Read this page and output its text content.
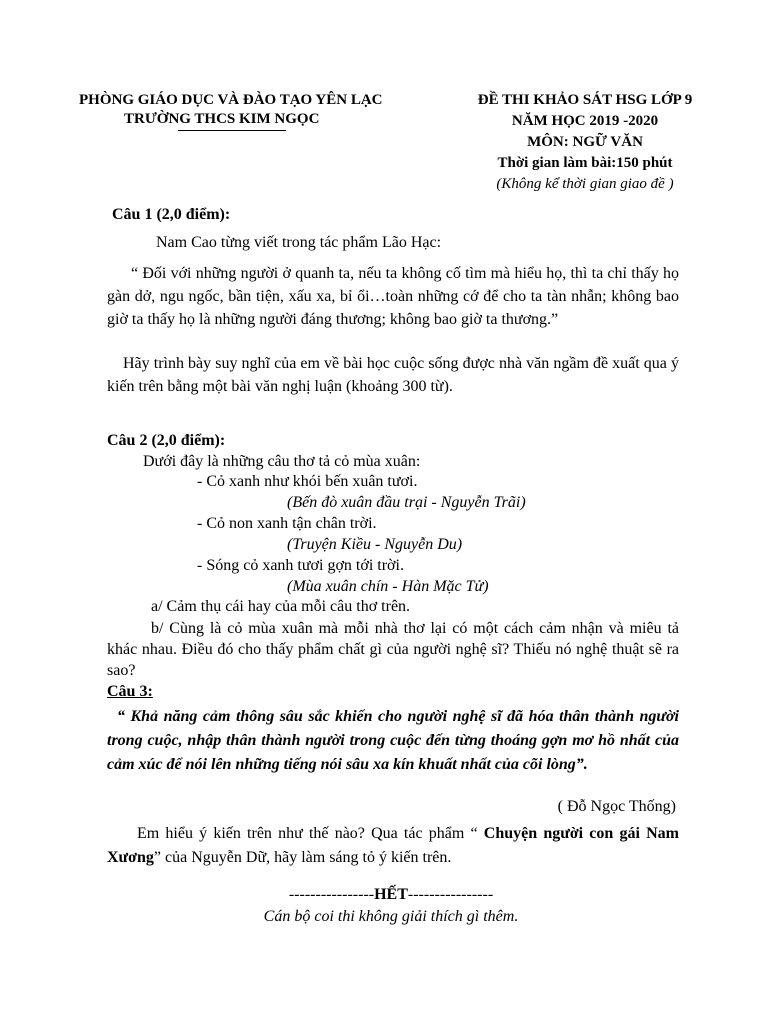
PHÒNG GIÁO DỤC VÀ ĐÀO TẠO YÊN LẠC
TRƯỜNG THCS KIM NGỌC
ĐỀ THI KHẢO SÁT HSG LỚP 9
NĂM HỌC 2019 -2020
MÔN: NGỮ VĂN
Thời gian làm bài:150 phút
(Không kể thời gian giao đề )
Câu 1 (2,0 điểm):
Nam Cao từng viết trong tác phẩm Lão Hạc:
“ Đối với những người ở quanh ta, nếu ta không cố tìm mà hiểu họ, thì ta chỉ thấy họ gàn dở, ngu ngốc, bần tiện, xấu xa, bỉ ổi…toàn những cớ để cho ta tàn nhẫn; không bao giờ ta thấy họ là những người đáng thương; không bao giờ ta thương.”
Hãy trình bày suy nghĩ của em về bài học cuộc sống được nhà văn ngầm đề xuất qua ý kiến trên bằng một bài văn nghị luận (khoảng 300 từ).
Câu 2 (2,0 điểm):
Dưới đây là những câu thơ tả cỏ mùa xuân:
- Cỏ xanh như khói bến xuân tươi.
(Bến đò xuân đầu trại - Nguyễn Trãi)
- Cỏ non xanh tận chân trời.
(Truyện Kiều - Nguyễn Du)
- Sóng cỏ xanh tươi gợn tới trời.
(Mùa xuân chín - Hàn Mặc Tử)
a/ Cảm thụ cái hay của mỗi câu thơ trên.
b/ Cùng là cỏ mùa xuân mà mỗi nhà thơ lại có một cách cảm nhận và miêu tả khác nhau. Điều đó cho thấy phẩm chất gì của người nghệ sĩ? Thiếu nó nghệ thuật sẽ ra sao?
Câu 3:
“ Khả năng cảm thông sâu sắc khiến cho người nghệ sĩ đã hóa thân thành người trong cuộc, nhập thân thành người trong cuộc đến từng thoáng gợn mơ hồ nhất của cảm xúc để nói lên những tiếng nói sâu xa kín khuất nhất của cõi lòng”.
( Đỗ Ngọc Thống)
Em hiểu ý kiến trên như thế nào? Qua tác phẩm “ Chuyện người con gái Nam Xương” của Nguyễn Dữ, hãy làm sáng tỏ ý kiến trên.
----------------HẾT----------------
Cán bộ coi thi không giải thích gì thêm.
